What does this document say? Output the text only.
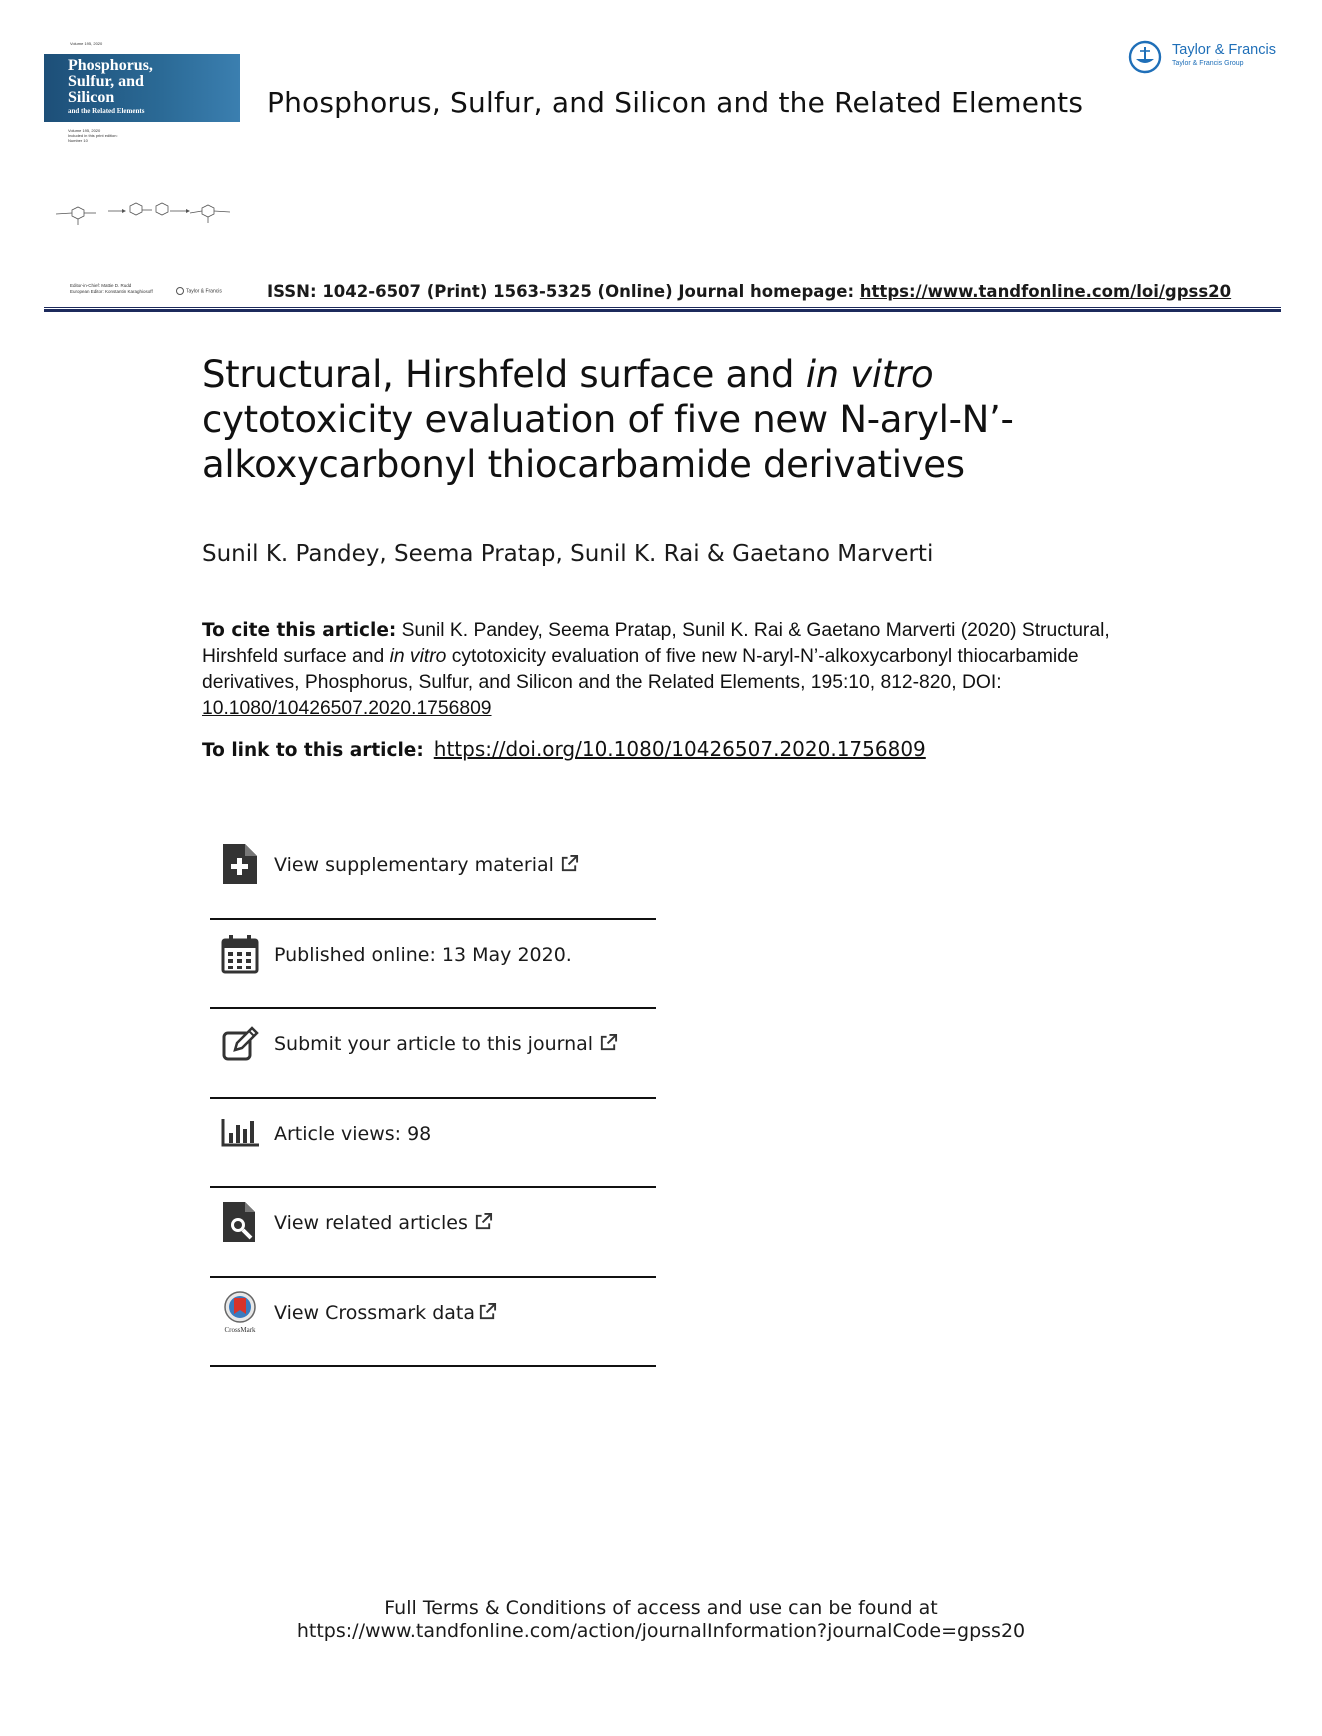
Volume 195, 2020
Phosphorus,
Sulfur, and
Silicon
and the Related Elements
Volume 195, 2020
Included in this print edition:
Number 10
Phosphorus, Sulfur, and Silicon and the Related Elements
Taylor & Francis
Taylor & Francis Group
Editor-in-Chief: Mattie D. Rudd
European Editor: Konstantin Karaghiosoff	Taylor & Francis	ISSN: 1042-6507 (Print) 1563-5325 (Online) Journal homepage: https://www.tandfonline.com/loi/gpss20
Structural, Hirshfeld surface and in vitro cytotoxicity evaluation of five new N-aryl-N’-alkoxycarbonyl thiocarbamide derivatives
Sunil K. Pandey, Seema Pratap, Sunil K. Rai & Gaetano Marverti
To cite this article: Sunil K. Pandey, Seema Pratap, Sunil K. Rai & Gaetano Marverti (2020) Structural, Hirshfeld surface and in vitro cytotoxicity evaluation of five new N-aryl-N’-alkoxycarbonyl thiocarbamide derivatives, Phosphorus, Sulfur, and Silicon and the Related Elements, 195:10, 812-820, DOI: 10.1080/10426507.2020.1756809
To link to this article: https://doi.org/10.1080/10426507.2020.1756809
View supplementary material
Published online: 13 May 2020.
Submit your article to this journal
Article views: 98
View related articles
CrossMark
View Crossmark data
Full Terms & Conditions of access and use can be found at
https://www.tandfonline.com/action/journalInformation?journalCode=gpss20
